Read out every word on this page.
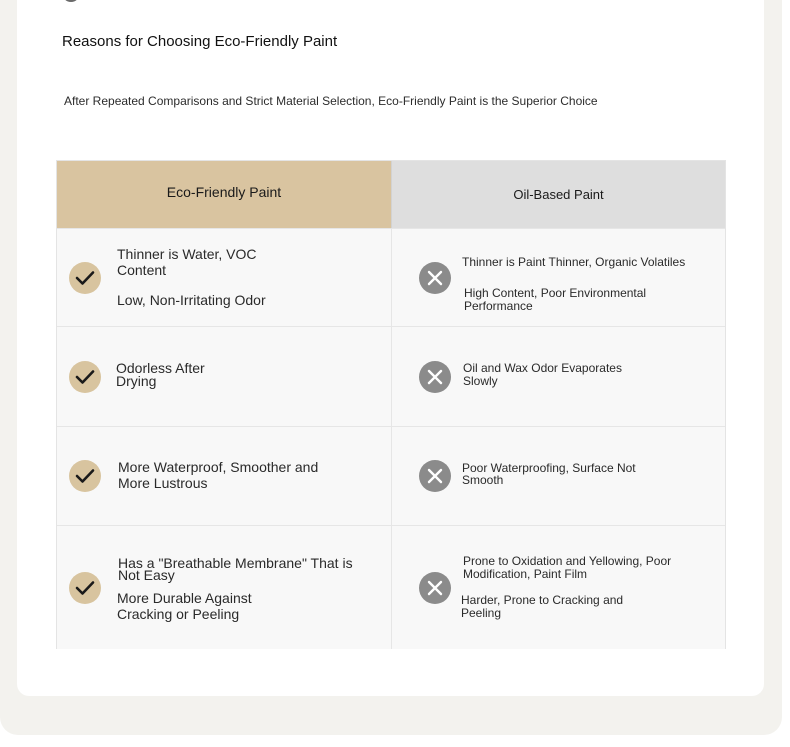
Reasons for Choosing Eco-Friendly Paint
After Repeated Comparisons and Strict Material Selection, Eco-Friendly Paint is the Superior Choice
Eco-Friendly Paint	Oil-Based Paint
Thinner is Water, VOC Content
Low, Non-Irritating Odor
Thinner is Paint Thinner, Organic Volatiles
High Content, Poor Environmental Performance
Odorless After Drying
Oil and Wax Odor Evaporates Slowly
More Waterproof, Smoother and More Lustrous
Poor Waterproofing, Surface Not Smooth
Has a "Breathable Membrane" That is Not Easy
More Durable Against Cracking or Peeling
Prone to Oxidation and Yellowing, Poor Modification, Paint Film
Harder, Prone to Cracking and Peeling
